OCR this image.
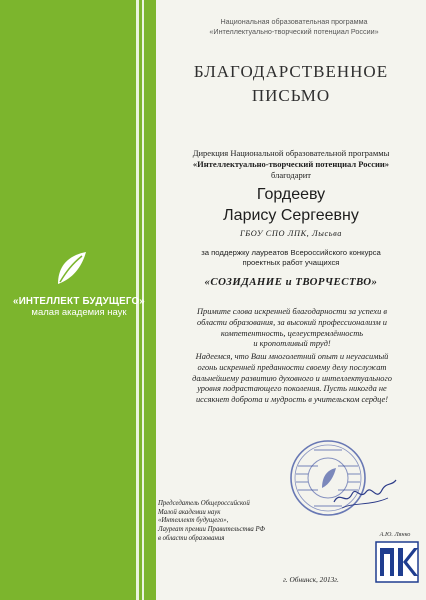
«ИНТЕЛЛЕКТ БУДУЩЕГО»
малая академия наук
Национальная образовательная программа
«Интеллектуально-творческий потенциал России»
БЛАГОДАРСТВЕННОЕ
ПИСЬМО
Дирекция Национальной образовательной программы
«Интеллектуально-творческий потенциал России»
благодарит
Гордееву
Ларису Сергеевну
ГБОУ СПО ЛПК, Лысьва
за поддержку лауреатов Всероссийского конкурса
проектных работ учащихся
«СОЗИДАНИЕ и ТВОРЧЕСТВО»
Примите слова искренней благодарности за успехи в
области образования, за высокий профессионализм и
компетентность, целеустремлённость
и кропотливый труд!
Надеемся, что Ваш многолетний опыт и неугасимый
огонь искренней преданности своему делу послужат
дальнейшему развитию духовного и интеллектуального
уровня подрастающего поколения. Пусть никогда не
иссякнет доброта и мудрость в учительском сердце!
Председатель Общероссийской
Малой академии наук
«Интеллект будущего»,
Лауреат премии Правительства РФ
в области образования
А.Ю. Лянко
г. Обнинск, 2013г.
